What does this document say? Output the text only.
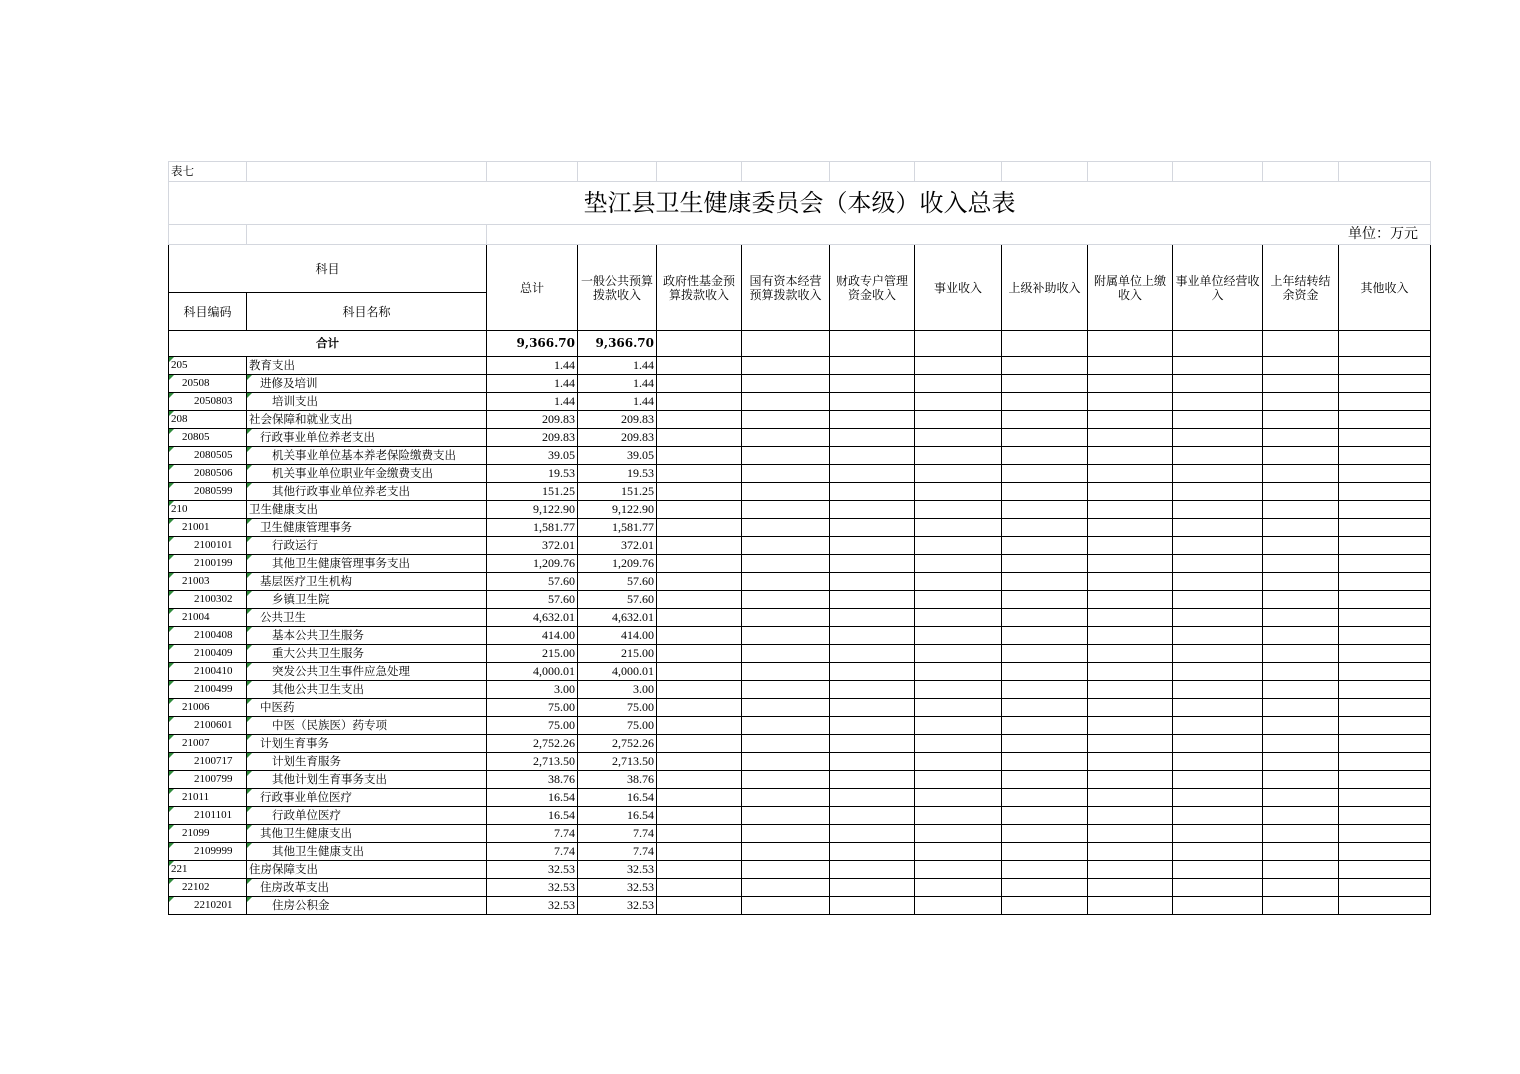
表七												
垫江县卫生健康委员会（本级）收入总表												
		单位：万元										
科目		总计	一般公共预算拨款收入	政府性基金预算拨款收入	国有资本经营预算拨款收入	财政专户管理资金收入	事业收入	上级补助收入	附属单位上缴收入	事业单位经营收入	上年结转结余资金	其他收入
科目编码	科目名称											
合计		9,366.70	9,366.70									
205	教育支出	1.44	1.44									
20508	进修及培训	1.44	1.44									
2050803	培训支出	1.44	1.44									
208	社会保障和就业支出	209.83	209.83									
20805	行政事业单位养老支出	209.83	209.83									
2080505	机关事业单位基本养老保险缴费支出	39.05	39.05									
2080506	机关事业单位职业年金缴费支出	19.53	19.53									
2080599	其他行政事业单位养老支出	151.25	151.25									
210	卫生健康支出	9,122.90	9,122.90									
21001	卫生健康管理事务	1,581.77	1,581.77									
2100101	行政运行	372.01	372.01									
2100199	其他卫生健康管理事务支出	1,209.76	1,209.76									
21003	基层医疗卫生机构	57.60	57.60									
2100302	乡镇卫生院	57.60	57.60									
21004	公共卫生	4,632.01	4,632.01									
2100408	基本公共卫生服务	414.00	414.00									
2100409	重大公共卫生服务	215.00	215.00									
2100410	突发公共卫生事件应急处理	4,000.01	4,000.01									
2100499	其他公共卫生支出	3.00	3.00									
21006	中医药	75.00	75.00									
2100601	中医（民族医）药专项	75.00	75.00									
21007	计划生育事务	2,752.26	2,752.26									
2100717	计划生育服务	2,713.50	2,713.50									
2100799	其他计划生育事务支出	38.76	38.76									
21011	行政事业单位医疗	16.54	16.54									
2101101	行政单位医疗	16.54	16.54									
21099	其他卫生健康支出	7.74	7.74									
2109999	其他卫生健康支出	7.74	7.74									
221	住房保障支出	32.53	32.53									
22102	住房改革支出	32.53	32.53									
2210201	住房公积金	32.53	32.53									
